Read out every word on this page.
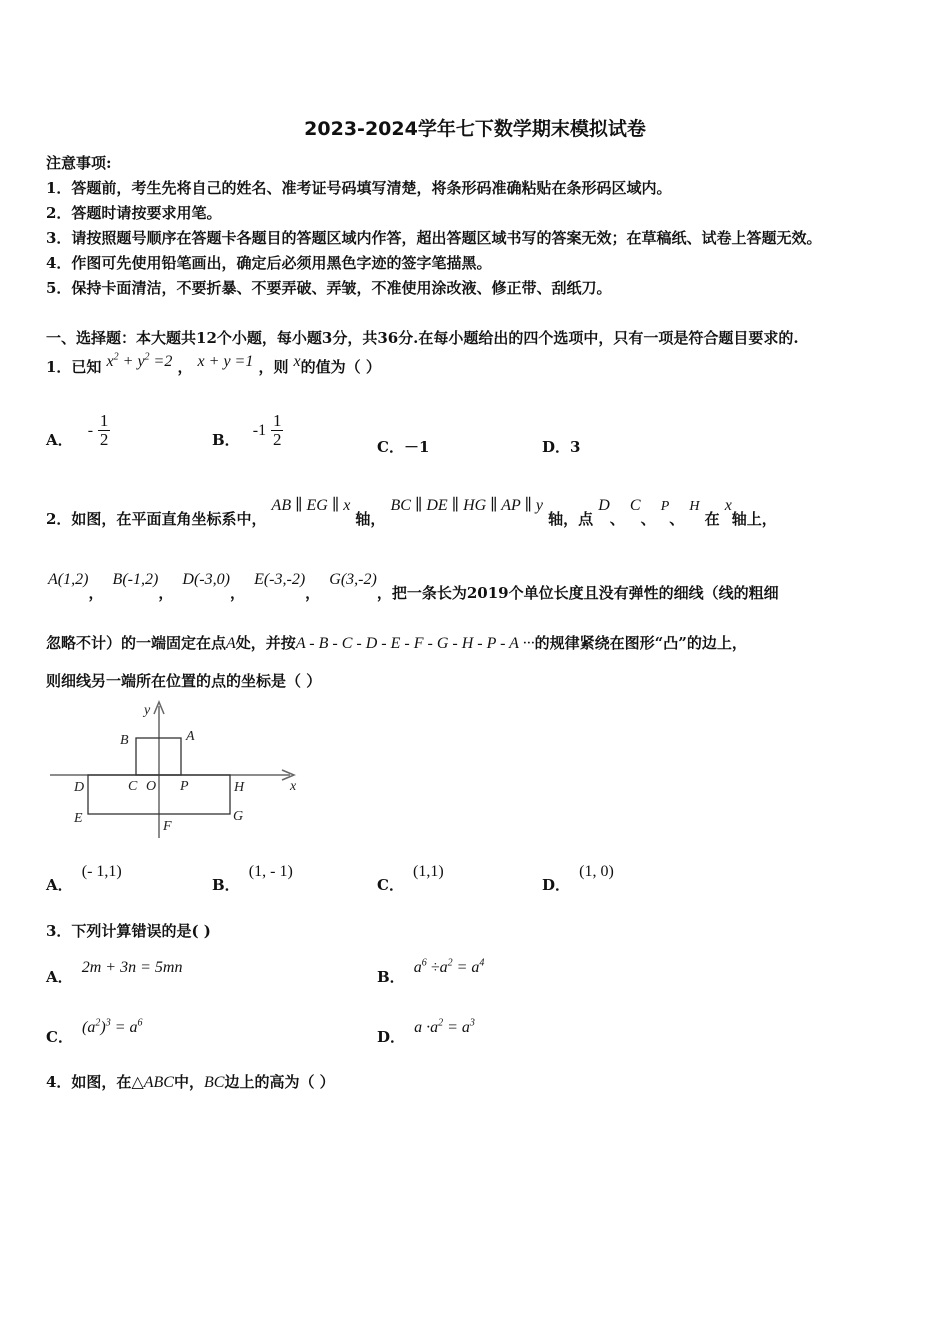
2023-2024学年七下数学期末模拟试卷
注意事项:
1．答题前，考生先将自己的姓名、准考证号码填写清楚，将条形码准确粘贴在条形码区域内。
2．答题时请按要求用笔。
3．请按照题号顺序在答题卡各题目的答题区域内作答，超出答题区域书写的答案无效；在草稿纸、试卷上答题无效。
4．作图可先使用铅笔画出，确定后必须用黑色字迹的签字笔描黑。
5．保持卡面清洁，不要折暴、不要弄破、弄皱，不准使用涂改液、修正带、刮纸刀。
一、选择题：本大题共12个小题，每小题3分，共36分.在每小题给出的四个选项中，只有一项是符合题目要求的.
1．已知 $x^2 + y^2 =2$ ， x + y =1 ，则 x的值为（ ）
A． - $\frac{1}{2}$	B． $-1 \frac{1}{2}$	C．－1	D．3
2．如图，在平面直角坐标系中， AB ∥ EG ∥ x 轴， BC ∥ DE ∥ HG ∥ AP ∥ y 轴，点 D、 C、 P、 H 在 x轴上，
A(1,2)， B(-1,2)， D(-3,0)， E(-3,-2)， G(3,-2)，把一条长为2019个单位长度且没有弹性的细线（线的粗细
忽略不计）的一端固定在点A处，并按A - B - C - D - E - F - G - H - P - A ···的规律紧绕在图形“凸”的边上，
则细线另一端所在位置的点的坐标是（ ）
y
x
A
B
C O P
D	H
E
F
G
A． (- 1,1)
B． (1, - 1)
C． (1,1)
D． (1, 0)
3．下列计算错误的是( )
A． 2m + 3n = 5mn
B． $a^6 \div a^2 = a^4$
C． $(a^2)^3 = a^6$
D． $a \cdot a^2 = a^3$
4．如图，在△ABC中，BC边上的高为（ ）
